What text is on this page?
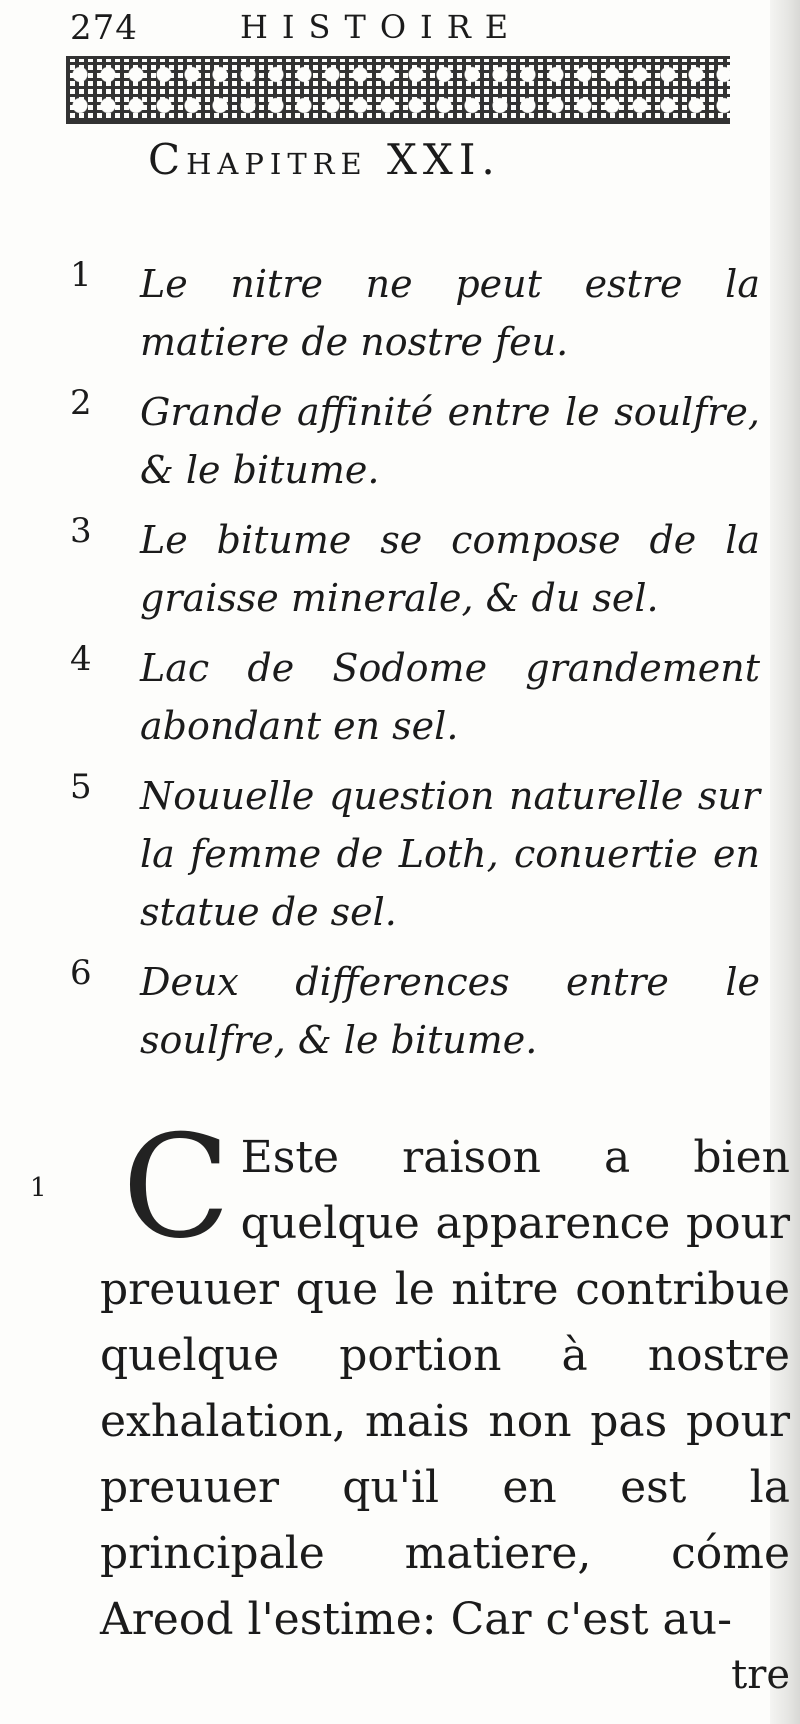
274	HISTOIRE
Chapitre XXI.
1	Le nitre ne peut estre la matiere de nostre feu.
2	Grande affinité entre le soulfre, & le bitume.
3	Le bitume se compose de la graisse minerale, & du sel.
4	Lac de Sodome grandement abondant en sel.
5	Nouuelle question naturelle sur la femme de Loth, conuertie en statue de sel.
6	Deux differences entre le soulfre, & le bitume.
1 C Este raison a bien quelque apparence pour preuuer que le nitre contribue quelque portion à nostre exhalation, mais non pas pour preuuer qu'il en est la principale matiere, cóme Areod l'estime: Car c'est au-

tre
